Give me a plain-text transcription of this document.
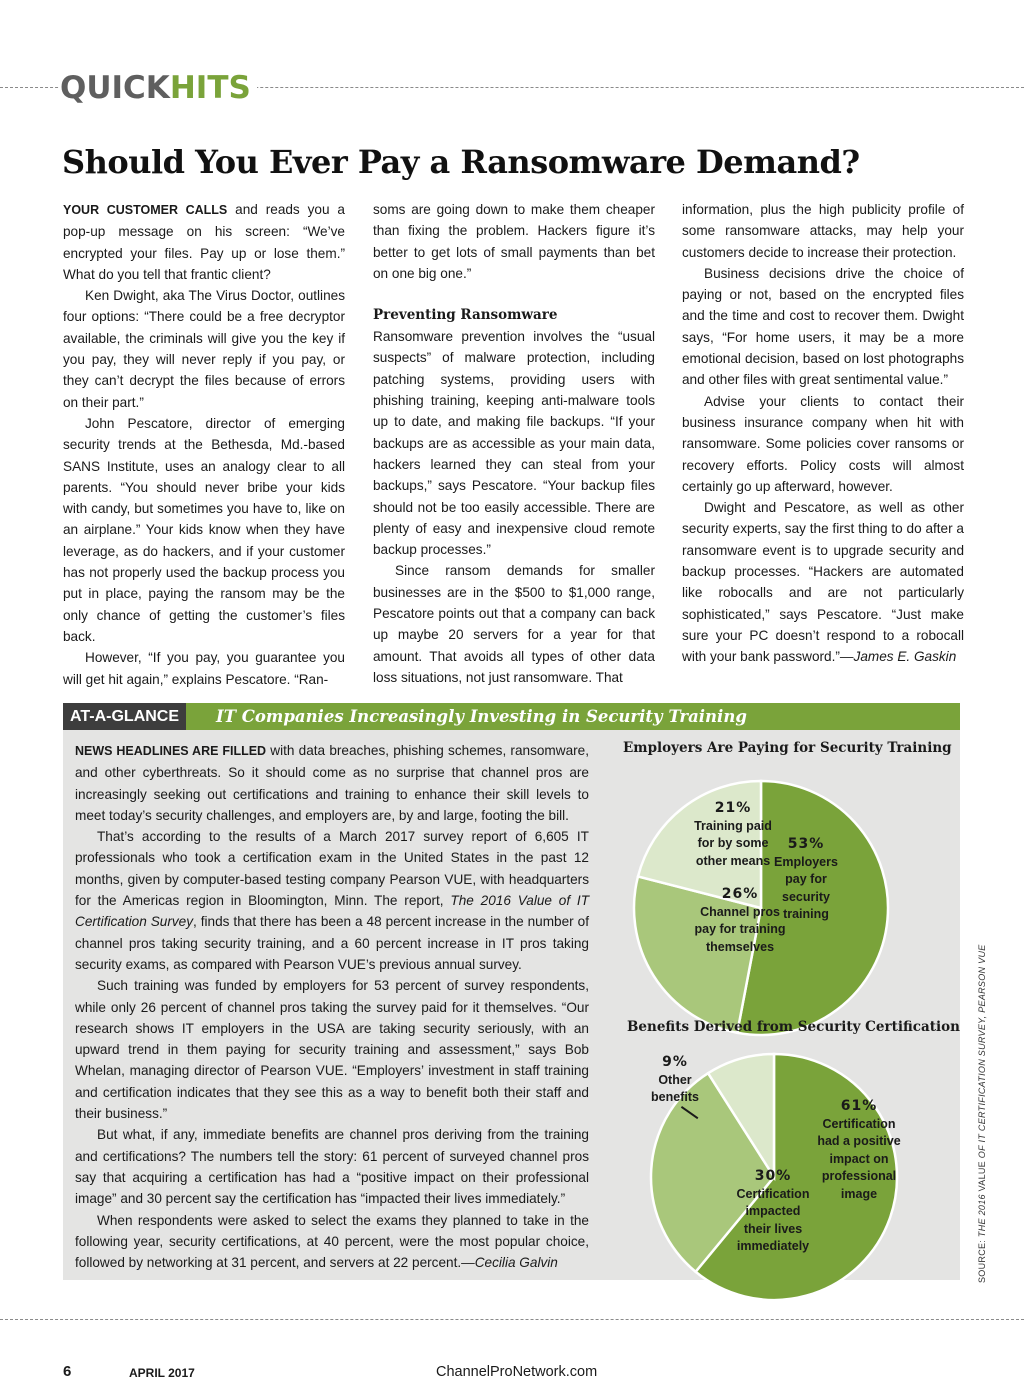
QUICKHITS
Should You Ever Pay a Ransomware Demand?

YOUR CUSTOMER CALLS and reads you a pop-up message on his screen: “We’ve encrypted your files. Pay up or lose them.” What do you tell that frantic client?

Ken Dwight, aka The Virus Doctor, outlines four options: “There could be a free decryptor available, the criminals will give you the key if you pay, they will never reply if you pay, or they can’t decrypt the files because of errors on their part.”

John Pescatore, director of emerging security trends at the Bethesda, Md.-based SANS Institute, uses an analogy clear to all parents. “You should never bribe your kids with candy, but sometimes you have to, like on an airplane.” Your kids know when they have leverage, as do hackers, and if your customer has not properly used the backup process you put in place, paying the ransom may be the only chance of getting the customer’s files back.

However, “If you pay, you guarantee you will get hit again,” explains Pescatore. “Ran-

soms are going down to make them cheaper than fixing the problem. Hackers figure it’s better to get lots of small payments than bet on one big one.”

Preventing Ransomware

Ransomware prevention involves the “usual suspects” of malware protection, including patching systems, providing users with phishing training, keeping anti-malware tools up to date, and making file backups. “If your backups are as accessible as your main data, hackers learned they can steal from your backups,” says Pescatore. “Your backup files should not be too easily accessible. There are plenty of easy and inexpensive cloud remote backup processes.”

Since ransom demands for smaller businesses are in the $500 to $1,000 range, Pescatore points out that a company can back up maybe 20 servers for a year for that amount. That avoids all types of other data loss situations, not just ransomware. That

information, plus the high publicity profile of some ransomware attacks, may help your customers decide to increase their protection.

Business decisions drive the choice of paying or not, based on the encrypted files and the time and cost to recover them. Dwight says, “For home users, it may be a more emotional decision, based on lost photographs and other files with great sentimental value.”

Advise your clients to contact their business insurance company when hit with ransomware. Some policies cover ransoms or recovery efforts. Policy costs will almost certainly go up afterward, however.

Dwight and Pescatore, as well as other security experts, say the first thing to do after a ransomware event is to upgrade security and backup processes. “Hackers are automated like robocalls and are not particularly sophisticated,” says Pescatore. “Just make sure your PC doesn’t respond to a robocall with your bank password.”—James E. Gaskin

AT-A-GLANCE	IT Companies Increasingly Investing in Security Training

NEWS HEADLINES ARE FILLED with data breaches, phishing schemes, ransomware, and other cyberthreats. So it should come as no surprise that channel pros are increasingly seeking out certifications and training to enhance their skill levels to meet today’s security challenges, and employers are, by and large, footing the bill.

That’s according to the results of a March 2017 survey report of 6,605 IT professionals who took a certification exam in the United States in the past 12 months, given by computer-based testing company Pearson VUE, with headquarters for the Americas region in Bloomington, Minn. The report, The 2016 Value of IT Certification Survey, finds that there has been a 48 percent increase in the number of channel pros taking security training, and a 60 percent increase in IT pros taking security exams, as compared with Pearson VUE’s previous annual survey.

Such training was funded by employers for 53 percent of survey respondents, while only 26 percent of channel pros taking the survey paid for it themselves. “Our research shows IT employers in the USA are taking security seriously, with an upward trend in them paying for security training and assessment,” says Bob Whelan, managing director of Pearson VUE. “Employers’ investment in staff training and certification indicates that they see this as a way to benefit both their staff and their business.”

But what, if any, immediate benefits are channel pros deriving from the training and certifications? The numbers tell the story: 61 percent of surveyed channel pros say that acquiring a certification has had a “positive impact on their professional image” and 30 percent say the certification has “impacted their lives immediately.”

When respondents were asked to select the exams they planned to take in the following year, security certifications, at 40 percent, were the most popular choice, followed by networking at 31 percent, and servers at 22 percent.—Cecilia Galvin

Employers Are Paying for Security Training
Benefits Derived from Security Certification
53%
Employers
pay for
security
training
26%
Channel pros
pay for training
themselves
21%
Training paid
for by some
other means
61%
Certification
had a positive
impact on
professional
image
30%
Certification
impacted
their lives
immediately
9%
Other
benefits
SOURCE: THE 2016 VALUE OF IT CERTIFICATION SURVEY, PEARSON VUE
6	APRIL 2017	ChannelProNetwork.com
